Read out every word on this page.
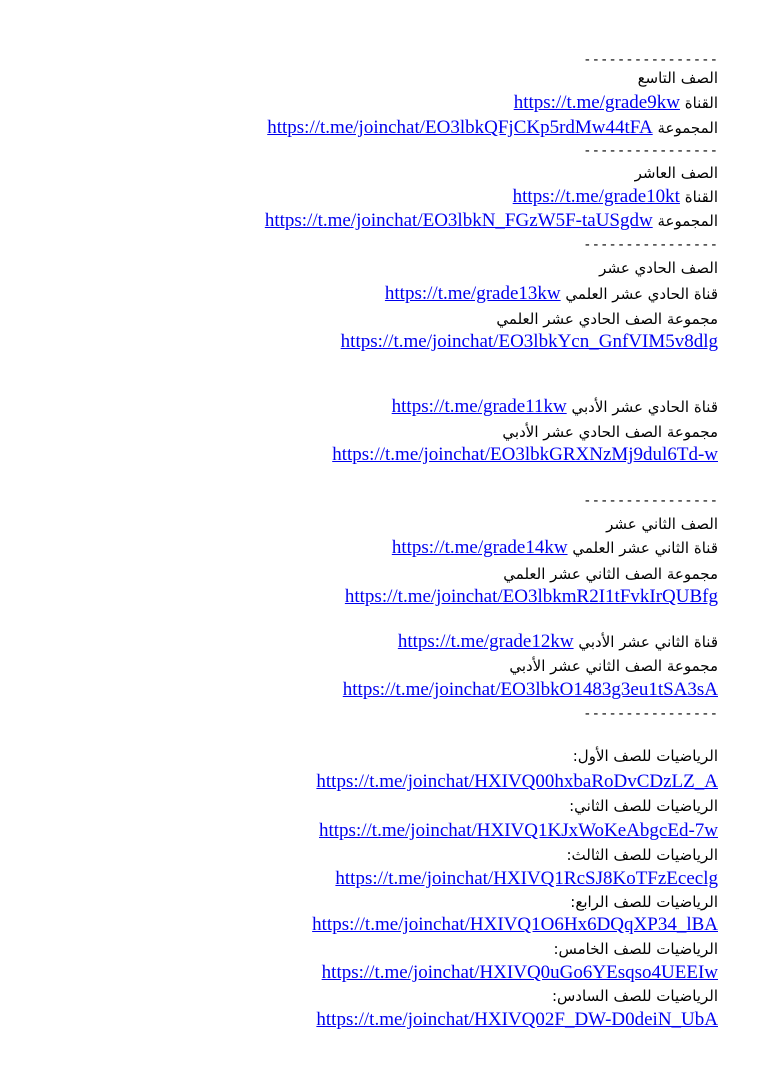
----------------
الصف التاسع
القناة https://t.me/grade9kw
المجموعة https://t.me/joinchat/EO3lbkQFjCKp5rdMw44tFA
----------------
الصف العاشر
القناة https://t.me/grade10kt
المجموعة https://t.me/joinchat/EO3lbkN_FGzW5F-taUSgdw
----------------
الصف الحادي عشر
قناة الحادي عشر العلمي https://t.me/grade13kw
مجموعة الصف الحادي عشر العلمي
https://t.me/joinchat/EO3lbkYcn_GnfVIM5v8dlg
قناة الحادي عشر الأدبي https://t.me/grade11kw
مجموعة الصف الحادي عشر الأدبي
https://t.me/joinchat/EO3lbkGRXNzMj9dul6Td-w
----------------
الصف الثاني عشر
قناة الثاني عشر العلمي https://t.me/grade14kw
مجموعة الصف الثاني عشر العلمي
https://t.me/joinchat/EO3lbkmR2I1tFvkIrQUBfg
قناة الثاني عشر الأدبي https://t.me/grade12kw
مجموعة الصف الثاني عشر الأدبي
https://t.me/joinchat/EO3lbkO1483g3eu1tSA3sA
----------------
الرياضيات للصف الأول:
https://t.me/joinchat/HXIVQ00hxbaRoDvCDzLZ_A
الرياضيات للصف الثاني:
https://t.me/joinchat/HXIVQ1KJxWoKeAbgcEd-7w
الرياضيات للصف الثالث:
https://t.me/joinchat/HXIVQ1RcSJ8KoTFzEceclg
الرياضيات للصف الرابع:
https://t.me/joinchat/HXIVQ1O6Hx6DQqXP34_lBA
الرياضيات للصف الخامس:
https://t.me/joinchat/HXIVQ0uGo6YEsqso4UEEIw
الرياضيات للصف السادس:
https://t.me/joinchat/HXIVQ02F_DW-D0deiN_UbA
